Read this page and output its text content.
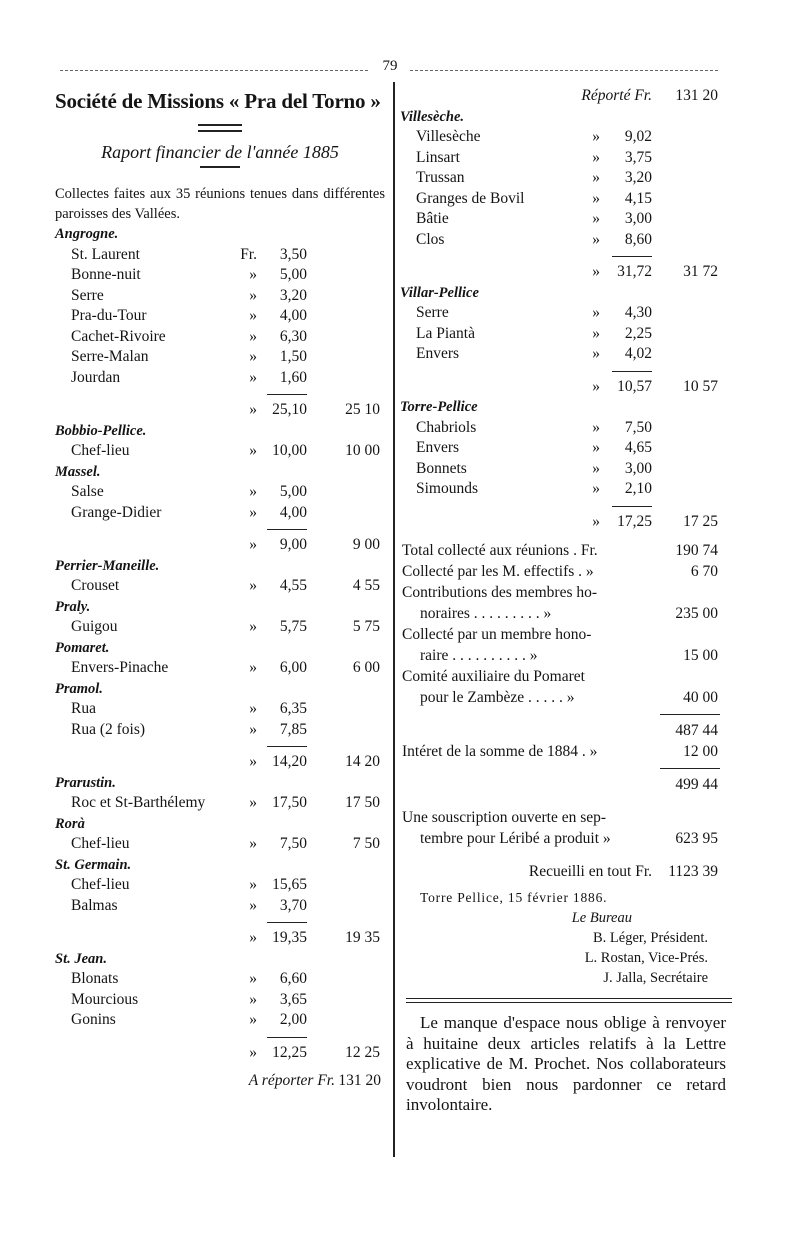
79
Société de Missions « Pra del Torno »
Raport financier de l'année 1885
Collectes faites aux 35 réunions tenues dans différentes paroisses des Vallées.
Angrogne.
St. Laurent	Fr.	3,50
Bonne-nuit	»	5,00
Serre	»	3,20
Pra-du-Tour	»	4,00
Cachet-Rivoire	»	6,30
Serre-Malan	»	1,50
Jourdan	»	1,60
» 25,10	25 10
Bobbio-Pellice.
Chef-lieu	» 10,00	10 00
Massel.
Salse	»	5,00
Grange-Didier	»	4,00
»	9,00	9 00
Perrier-Maneille.
Crouset	»	4,55	4 55
Praly.
Guigou	»	5,75	5 75
Pomaret.
Envers-Pinache	»	6,00	6 00
Pramol.
Rua	»	6,35
Rua (2 fois)	»	7,85
» 14,20	14 20
Prarustin.
Roc et St-Barthélemy	» 17,50	17 50
Rorà
Chef-lieu	»	7,50	7 50
St. Germain.
Chef-lieu	» 15,65
Balmas	»	3,70
» 19,35	19 35
St. Jean.
Blonats	»	6,60
Mourcious	»	3,65
Gonins	»	2,00
» 12,25	12 25
A réporter Fr. 131 20
Réporté Fr.	131 20
Villesèche.
Villesèche	»	9,02
Linsart	»	3,75
Trussan	»	3,20
Granges de Bovil	»	4,15
Bâtie	»	3,00
Clos	»	8,60
»	31,72	31 72
Villar-Pellice
Serre	»	4,30
La Piantà	»	2,25
Envers	»	4,02
»	10,57	10 57
Torre-Pellice
Chabriols	»	7,50
Envers	»	4,65
Bonnets	»	3,00
Simounds	»	2,10
»	17,25	17 25
Total collecté aux réunions . Fr.	190 74
Collecté par les M. effectifs . »	6 70
Contributions des membres ho-
noraires . . . . . . . . . »	235 00
Collecté par un membre hono-
raire . . . . . . . . . . »	15 00
Comité auxiliaire du Pomaret
pour le Zambèze . . . . . »	40 00
487 44
Intéret de la somme de 1884 . »	12 00
499 44
Une souscription ouverte en sep-
tembre pour Léribé a produit »	623 95
Recueilli en tout Fr.	1123 39
Torre Pellice, 15 février 1886.
Le Bureau
B. Léger, Président.
L. Rostan, Vice-Prés.
J. Jalla, Secrétaire
Le manque d'espace nous oblige à renvoyer à huitaine deux articles relatifs à la Lettre explicative de M. Prochet. Nos collaborateurs voudront bien nous pardonner ce retard involontaire.
